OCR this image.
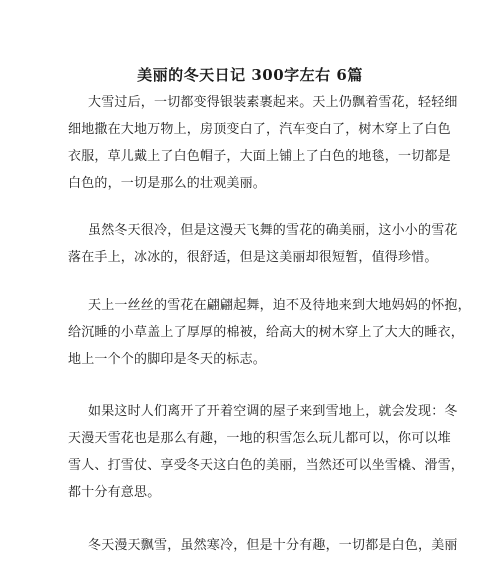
美丽的冬天日记 300字左右 6篇
大雪过后，一切都变得银装素裹起来。天上仍飘着雪花，轻轻细
细地撒在大地万物上，房顶变白了，汽车变白了，树木穿上了白色
衣服，草儿戴上了白色帽子，大面上铺上了白色的地毯，一切都是
白色的，一切是那么的壮观美丽。
虽然冬天很冷，但是这漫天飞舞的雪花的确美丽，这小小的雪花
落在手上，冰冰的，很舒适，但是这美丽却很短暂，值得珍惜。
天上一丝丝的雪花在翩翩起舞，迫不及待地来到大地妈妈的怀抱，
给沉睡的小草盖上了厚厚的棉被，给高大的树木穿上了大大的睡衣，
地上一个个的脚印是冬天的标志。
如果这时人们离开了开着空调的屋子来到雪地上，就会发现：冬
天漫天雪花也是那么有趣，一地的积雪怎么玩儿都可以，你可以堆
雪人、打雪仗、享受冬天这白色的美丽，当然还可以坐雪橇、滑雪，
都十分有意思。
冬天漫天飘雪，虽然寒冷，但是十分有趣，一切都是白色，美丽
